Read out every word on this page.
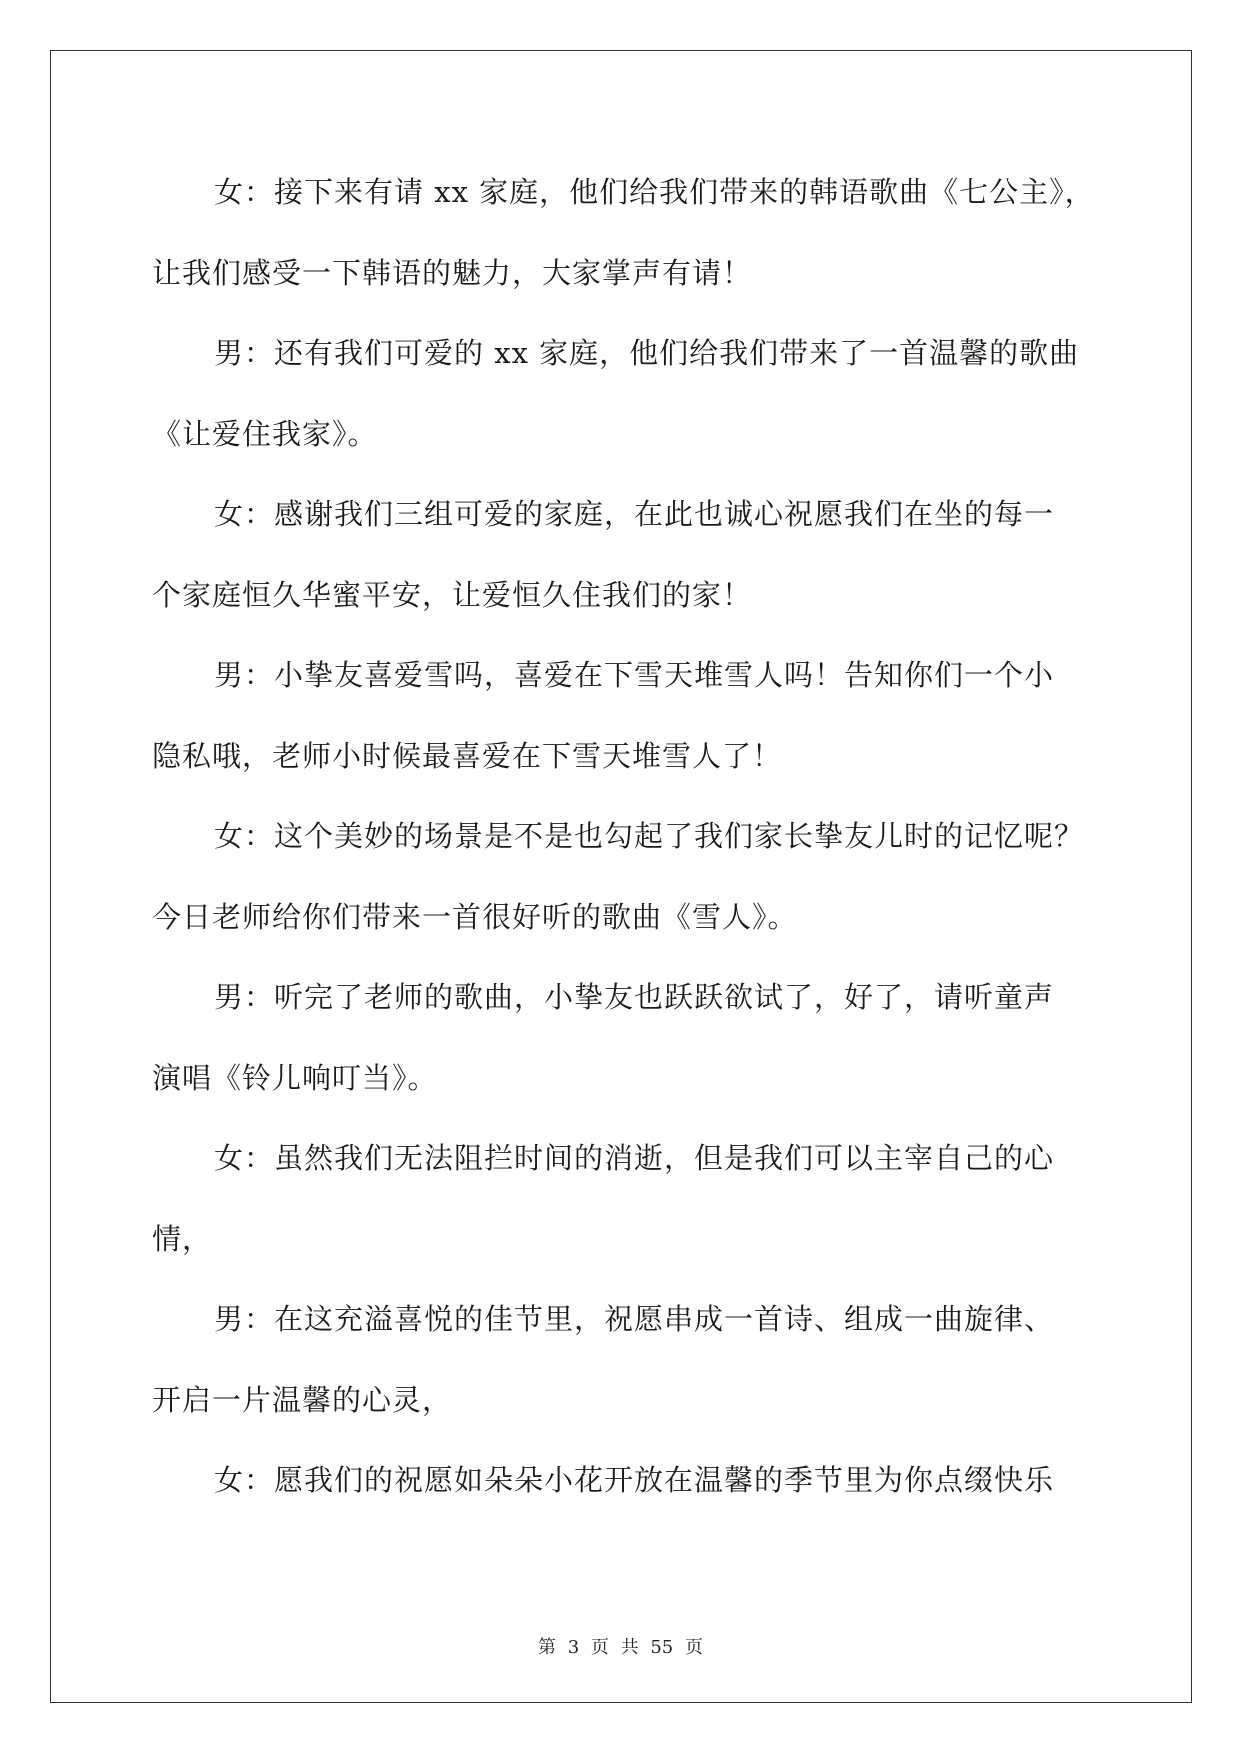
女：接下来有请 xx 家庭，他们给我们带来的韩语歌曲《七公主》，
让我们感受一下韩语的魅力，大家掌声有请！
男：还有我们可爱的 xx 家庭，他们给我们带来了一首温馨的歌曲
《让爱住我家》。
女：感谢我们三组可爱的家庭，在此也诚心祝愿我们在坐的每一
个家庭恒久华蜜平安，让爱恒久住我们的家！
男：小挚友喜爱雪吗，喜爱在下雪天堆雪人吗！告知你们一个小
隐私哦，老师小时候最喜爱在下雪天堆雪人了！
女：这个美妙的场景是不是也勾起了我们家长挚友儿时的记忆呢？
今日老师给你们带来一首很好听的歌曲《雪人》。
男：听完了老师的歌曲，小挚友也跃跃欲试了，好了，请听童声
演唱《铃儿响叮当》。
女：虽然我们无法阻拦时间的消逝，但是我们可以主宰自己的心
情，
男：在这充溢喜悦的佳节里，祝愿串成一首诗、组成一曲旋律、
开启一片温馨的心灵，
女：愿我们的祝愿如朵朵小花开放在温馨的季节里为你点缀快乐
第 3 页 共 55 页
